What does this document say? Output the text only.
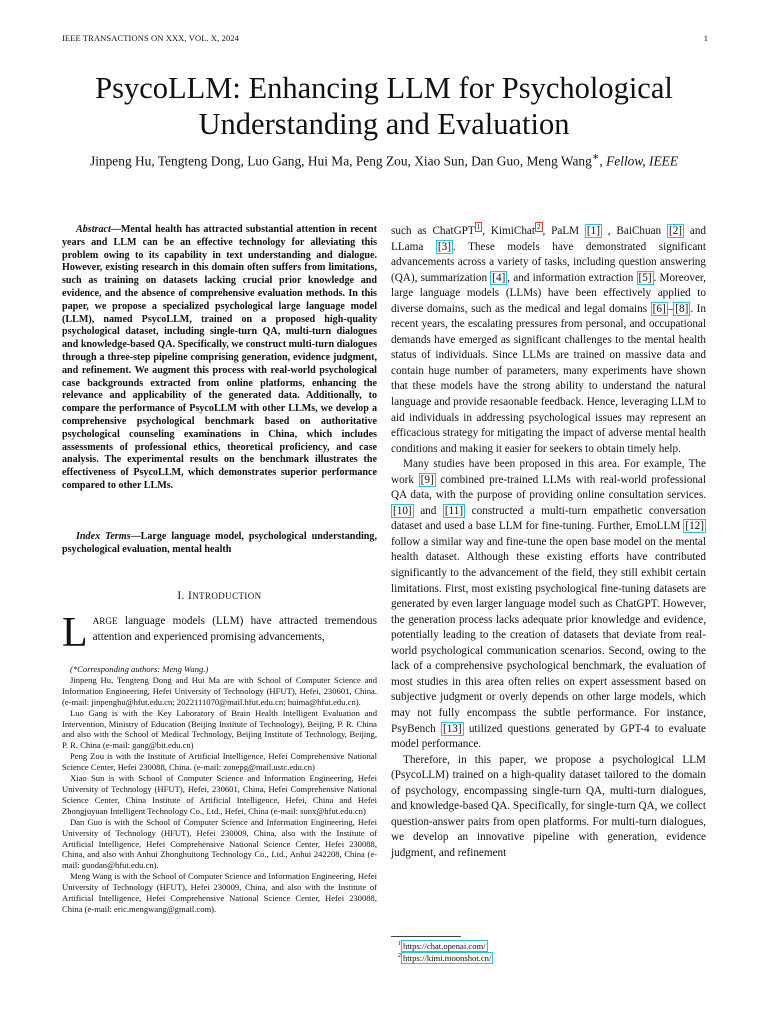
IEEE TRANSACTIONS ON XXX, VOL. X, 2024	1
PsycoLLM: Enhancing LLM for Psychological
Understanding and Evaluation
Jinpeng Hu, Tengteng Dong, Luo Gang, Hui Ma, Peng Zou, Xiao Sun, Dan Guo, Meng Wang∗, Fellow, IEEE

Abstract—Mental health has attracted substantial attention in recent years and LLM can be an effective technology for alleviating this problem owing to its capability in text understanding and dialogue. However, existing research in this domain often suffers from limitations, such as training on datasets lacking crucial prior knowledge and evidence, and the absence of comprehensive evaluation methods. In this paper, we propose a specialized psychological large language model (LLM), named PsycoLLM, trained on a proposed high-quality psychological dataset, including single-turn QA, multi-turn dialogues and knowledge-based QA. Specifically, we construct multi-turn dialogues through a three-step pipeline comprising generation, evidence judgment, and refinement. We augment this process with real-world psychological case backgrounds extracted from online platforms, enhancing the relevance and applicability of the generated data. Additionally, to compare the performance of PsycoLLM with other LLMs, we develop a comprehensive psychological benchmark based on authoritative psychological counseling examinations in China, which includes assessments of professional ethics, theoretical proficiency, and case analysis. The experimental results on the benchmark illustrates the effectiveness of PsycoLLM, which demonstrates superior performance compared to other LLMs.

Index Terms—Large language model, psychological understanding, psychological evaluation, mental health

I. INTRODUCTION

LARGE language models (LLM) have attracted tremendous attention and experienced promising advancements,

(*Corresponding authors: Meng Wang.)

Jinpeng Hu, Tengteng Dong and Hui Ma are with School of Computer Science and Information Engineering, Hefei University of Technology (HFUT), Hefei, 230601, China. (e-mail: jinpenghu@hfut.edu.cn; 2022111070@mail.hfut.edu.cn; huima@hfut.edu.cn).

Luo Gang is with the Key Laboratory of Brain Health Intelligent Evaluation and Intervention, Ministry of Education (Beijing Institute of Technology), Beijing, P. R. China and also with the School of Medical Technology, Beijing Institute of Technology, Beijing, P. R. China (e-mail: gang@bit.edu.cn)

Peng Zou is with the Institute of Artificial Intelligence, Hefei Comprehensive National Science Center, Hefei 230088, China. (e-mail: zonepg@mail.ustc.edu.cn)

Xiao Sun is with School of Computer Science and Information Engineering, Hefei University of Technology (HFUT), Hefei, 230601, China, Hefei Comprehensive National Science Center, China Institute of Artificial Intelligence, Hefei, China and Hefei Zhongjuyuan Intelligent Technology Co., Ltd., Hefei, China (e-mail: sunx@hfut.edu.cn)

Dan Guo is with the School of Computer Science and Information Engineering, Hefei University of Technology (HFUT), Hefei 230009, China, also with the Institute of Artificial Intelligence, Hefei Comprehensive National Science Center, Hefei 230088, China, and also with Anhui Zhonghuitong Technology Co., Ltd., Anhui 242208, China (e-mail: guodan@hfut.edu.cn).

Meng Wang is with the School of Computer Science and Information Engineering, Hefei University of Technology (HFUT), Hefei 230009, China, and also with the Institute of Artificial Intelligence, Hefei Comprehensive National Science Center, Hefei 230088, China (e-mail: eric.mengwang@gmail.com).

such as ChatGPT $^1$ , KimiChat $^2$ , PaLM [1] , BaiChuan [2] and LLama [3] . These models have demonstrated significant advancements across a variety of tasks, including question answering (QA), summarization [4] , and information extraction [5] . Moreover, large language models (LLMs) have been effectively applied to diverse domains, such as the medical and legal domains [6] – [8] . In recent years, the escalating pressures from personal, and occupational demands have emerged as significant challenges to the mental health status of individuals. Since LLMs are trained on massive data and contain huge number of parameters, many experiments have shown that these models have the strong ability to understand the natural language and provide resaonable feedback. Hence, leveraging LLM to aid individuals in addressing psychological issues may represent an efficacious strategy for mitigating the impact of adverse mental health conditions and making it easier for seekers to obtain timely help.

Many studies have been proposed in this area. For example, The work [9] combined pre-trained LLMs with real-world professional QA data, with the purpose of providing online consultation services. [10] and [11] constructed a multi-turn empathetic conversation dataset and used a base LLM for fine-tuning. Further, EmoLLM [12] follow a similar way and fine-tune the open base model on the mental health dataset. Although these existing efforts have contributed significantly to the advancement of the field, they still exhibit certain limitations. First, most existing psychological fine-tuning datasets are generated by even larger language model such as ChatGPT. However, the generation process lacks adequate prior knowledge and evidence, potentially leading to the creation of datasets that deviate from real-world psychological communication scenarios. Second, owing to the lack of a comprehensive psychological benchmark, the evaluation of most studies in this area often relies on expert assessment based on subjective judgment or overly depends on other large models, which may not fully encompass the subtle performance. For instance, PsyBench [13] utilized questions generated by GPT-4 to evaluate model performance.

Therefore, in this paper, we propose a psychological LLM (PsycoLLM) trained on a high-quality dataset tailored to the domain of psychology, encompassing single-turn QA, multi-turn dialogues, and knowledge-based QA. Specifically, for single-turn QA, we collect question-answer pairs from open platforms. For multi-turn dialogues, we develop an innovative pipeline with generation, evidence judgment, and refinement

$^1$ https://chat.openai.com/
$^2$ https://kimi.moonshot.cn/
